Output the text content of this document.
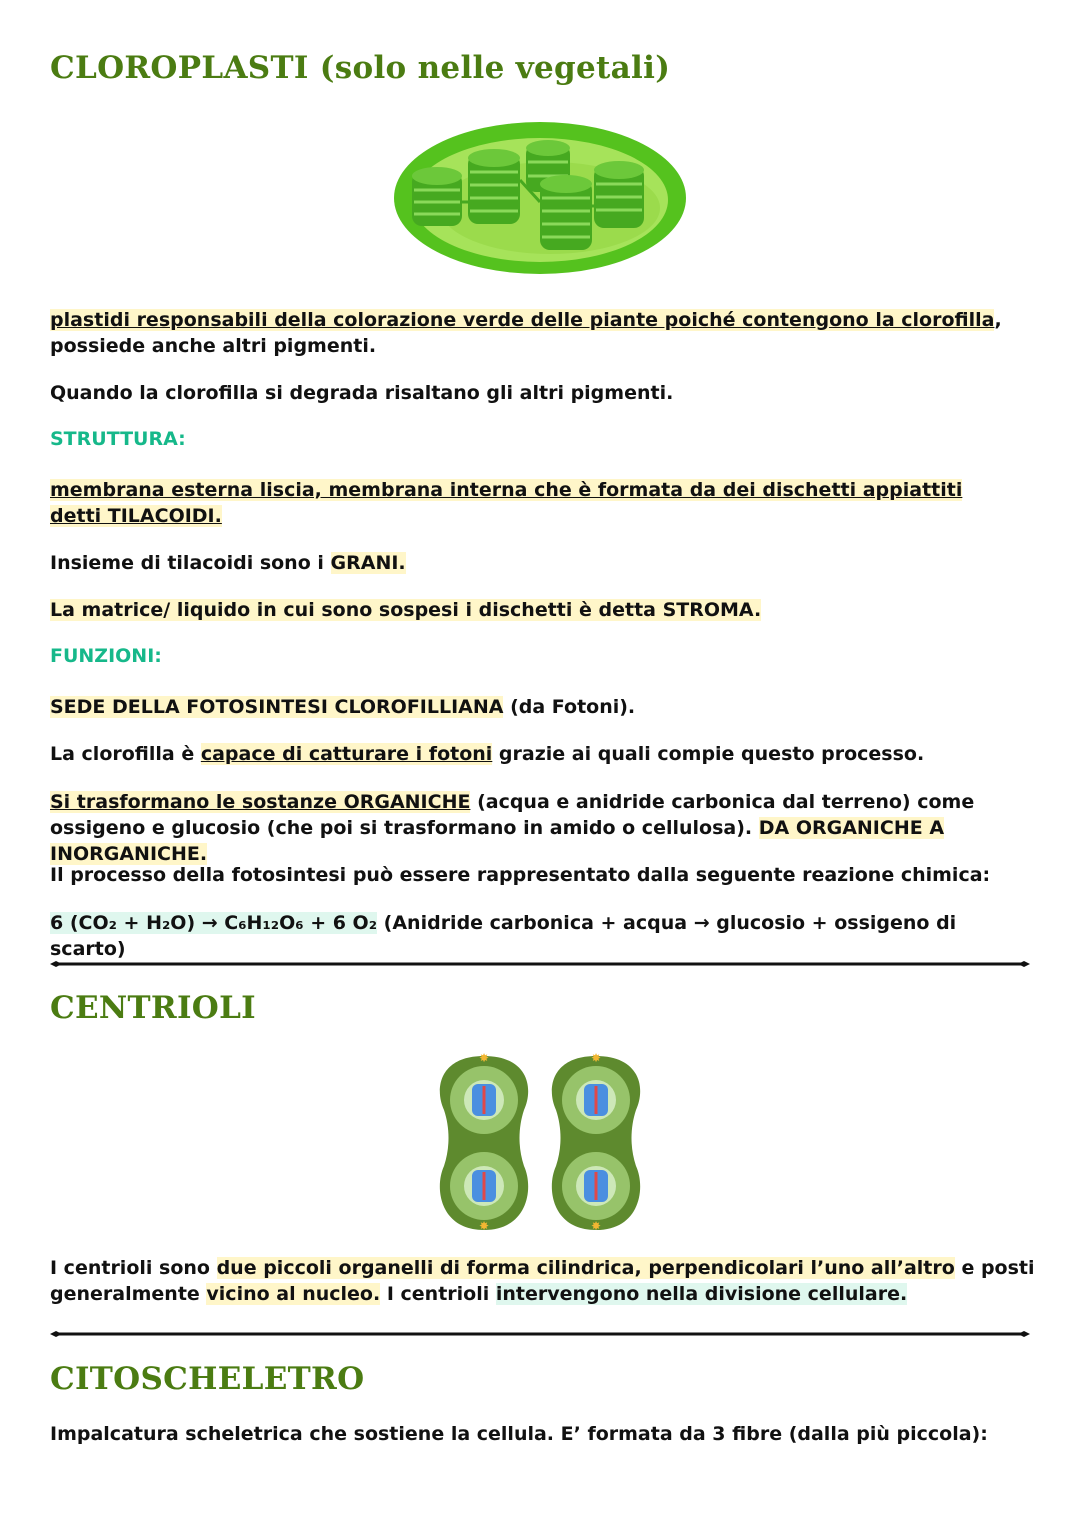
CLOROPLASTI (solo nelle vegetali)
plastidi responsabili della colorazione verde delle piante poiché contengono la clorofilla, possiede anche altri pigmenti.
Quando la clorofilla si degrada risaltano gli altri pigmenti.
STRUTTURA:
membrana esterna liscia, membrana interna che è formata da dei dischetti appiattiti detti TILACOIDI.
Insieme di tilacoidi sono i GRANI.
La matrice/ liquido in cui sono sospesi i dischetti è detta STROMA.
FUNZIONI:
SEDE DELLA FOTOSINTESI CLOROFILLIANA (da Fotoni).
La clorofilla è capace di catturare i fotoni grazie ai quali compie questo processo.
Si trasformano le sostanze ORGANICHE (acqua e anidride carbonica dal terreno) come ossigeno e glucosio (che poi si trasformano in amido o cellulosa). DA ORGANICHE A INORGANICHE.
Il processo della fotosintesi può essere rappresentato dalla seguente reazione chimica:
6 (CO₂ + H₂O) → C₆H₁₂O₆ + 6 O₂ (Anidride carbonica + acqua → glucosio + ossigeno di scarto)
CENTRIOLI
✸
✸
✸
✸
I centrioli sono due piccoli organelli di forma cilindrica, perpendicolari l’uno all’altro e posti generalmente vicino al nucleo. I centrioli intervengono nella divisione cellulare.
CITOSCHELETRO
Impalcatura scheletrica che sostiene la cellula. E’ formata da 3 fibre (dalla più piccola):
